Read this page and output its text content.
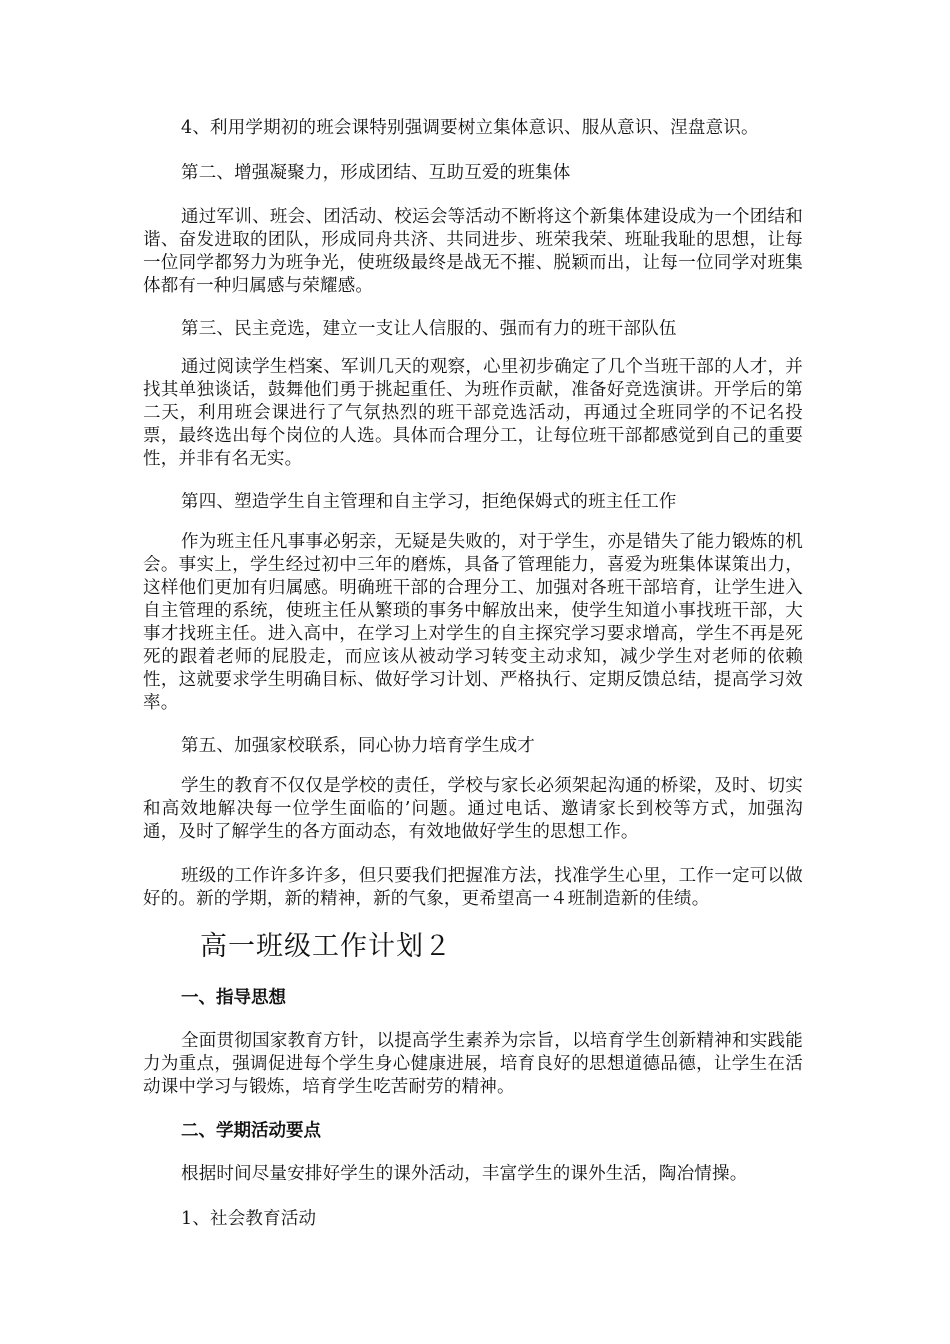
4、利用学期初的班会课特别强调要树立集体意识、服从意识、涅盘意识。

第二、增强凝聚力，形成团结、互助互爱的班集体

通过军训、班会、团活动、校运会等活动不断将这个新集体建设成为一个团结和谐、奋发进取的团队，形成同舟共济、共同进步、班荣我荣、班耻我耻的思想，让每一位同学都努力为班争光，使班级最终是战无不摧、脱颖而出，让每一位同学对班集体都有一种归属感与荣耀感。

第三、民主竞选，建立一支让人信服的、强而有力的班干部队伍

通过阅读学生档案、军训几天的观察，心里初步确定了几个当班干部的人才，并找其单独谈话，鼓舞他们勇于挑起重任、为班作贡献，准备好竞选演讲。开学后的第二天，利用班会课进行了气氛热烈的班干部竞选活动，再通过全班同学的不记名投票，最终选出每个岗位的人选。具体而合理分工，让每位班干部都感觉到自己的重要性，并非有名无实。

第四、塑造学生自主管理和自主学习，拒绝保姆式的班主任工作

作为班主任凡事事必躬亲，无疑是失败的，对于学生，亦是错失了能力锻炼的机会。事实上，学生经过初中三年的磨炼，具备了管理能力，喜爱为班集体谋策出力，这样他们更加有归属感。明确班干部的合理分工、加强对各班干部培育，让学生进入自主管理的系统，使班主任从繁琐的事务中解放出来，使学生知道小事找班干部，大事才找班主任。进入高中，在学习上对学生的自主探究学习要求增高，学生不再是死死的跟着老师的屁股走，而应该从被动学习转变主动求知，减少学生对老师的依赖性，这就要求学生明确目标、做好学习计划、严格执行、定期反馈总结，提高学习效率。

第五、加强家校联系，同心协力培育学生成才

学生的教育不仅仅是学校的责任，学校与家长必须架起沟通的桥梁，及时、切实和高效地解决每一位学生面临的’问题。通过电话、邀请家长到校等方式，加强沟通，及时了解学生的各方面动态，有效地做好学生的思想工作。

班级的工作许多许多，但只要我们把握准方法，找准学生心里，工作一定可以做好的。新的学期，新的精神，新的气象，更希望高一４班制造新的佳绩。

高一班级工作计划２

一、指导思想

全面贯彻国家教育方针，以提高学生素养为宗旨，以培育学生创新精神和实践能力为重点，强调促进每个学生身心健康进展，培育良好的思想道德品德，让学生在活动课中学习与锻炼，培育学生吃苦耐劳的精神。

二、学期活动要点

根据时间尽量安排好学生的课外活动，丰富学生的课外生活，陶冶情操。

1、社会教育活动
